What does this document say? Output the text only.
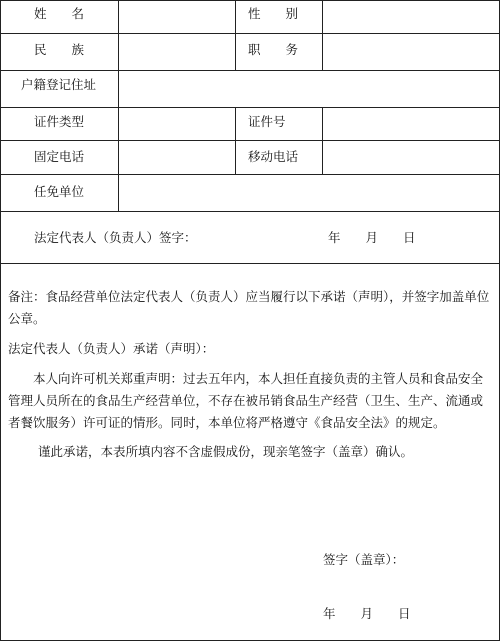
姓　　名	性　　别
民　　族	职　　务
户籍登记住址
证件类型	证件号
固定电话	移动电话
任免单位
法定代表人（负责人）签字：	年　　月　　日
备注：食品经营单位法定代表人（负责人）应当履行以下承诺（声明），并签字加盖单位公章。
法定代表人（负责人）承诺（声明）：
本人向许可机关郑重声明：过去五年内，本人担任直接负责的主管人员和食品安全管理人员所在的食品生产经营单位，不存在被吊销食品生产经营（卫生、生产、流通或者餐饮服务）许可证的情形。同时，本单位将严格遵守《食品安全法》的规定。
谨此承诺，本表所填内容不含虚假成份，现亲笔签字（盖章）确认。
签字（盖章）：
年　　月　　日
